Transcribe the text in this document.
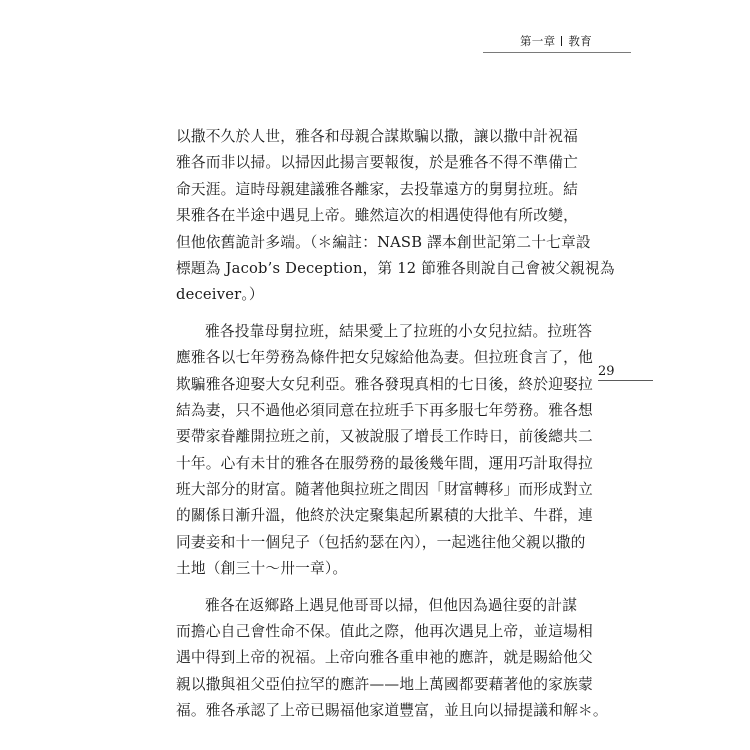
第一章 教育
以撒不久於人世，雅各和母親合謀欺騙以撒，讓以撒中計祝福
雅各而非以掃。以掃因此揚言要報復，於是雅各不得不準備亡
命天涯。這時母親建議雅各離家，去投靠遠方的舅舅拉班。結
果雅各在半途中遇見上帝。雖然這次的相遇使得他有所改變，
但他依舊詭計多端。（＊編註：NASB 譯本創世記第二十七章設
標題為 Jacob’s Deception，第 12 節雅各則說自己會被父親視為
deceiver。）
雅各投靠母舅拉班，結果愛上了拉班的小女兒拉結。拉班答
應雅各以七年勞務為條件把女兒嫁給他為妻。但拉班食言了，他
欺騙雅各迎娶大女兒利亞。雅各發現真相的七日後，終於迎娶拉
結為妻，只不過他必須同意在拉班手下再多服七年勞務。雅各想
要帶家眷離開拉班之前，又被說服了增長工作時日，前後總共二
十年。心有未甘的雅各在服勞務的最後幾年間，運用巧計取得拉
班大部分的財富。隨著他與拉班之間因「財富轉移」而形成對立
的關係日漸升溫，他終於決定聚集起所累積的大批羊、牛群，連
同妻妾和十一個兒子（包括約瑟在內），一起逃往他父親以撒的
土地（創三十～卅一章）。
雅各在返鄉路上遇見他哥哥以掃，但他因為過往耍的計謀
而擔心自己會性命不保。值此之際，他再次遇見上帝，並這場相
遇中得到上帝的祝福。上帝向雅各重申祂的應許，就是賜給他父
親以撒與祖父亞伯拉罕的應許——地上萬國都要藉著他的家族蒙
福。雅各承認了上帝已賜福他家道豐富，並且向以掃提議和解＊。
29
